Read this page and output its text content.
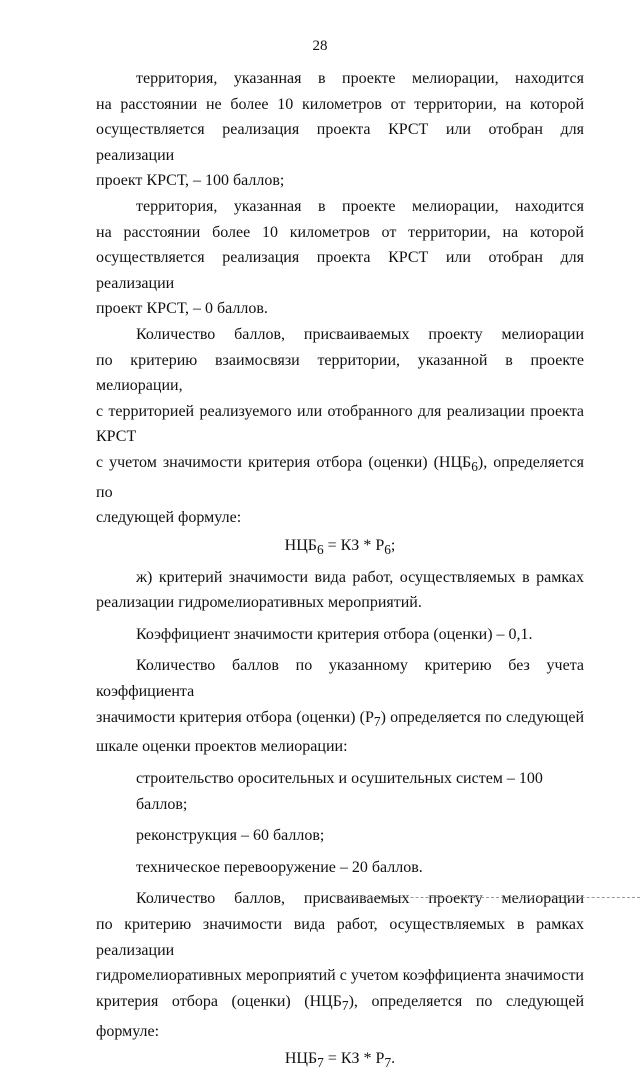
28
территория, указанная в проекте мелиорации, находится
на расстоянии не более 10 километров от территории, на которой
осуществляется реализация проекта КРСТ или отобран для реализации
проект КРСТ, – 100 баллов;
территория, указанная в проекте мелиорации, находится
на расстоянии более 10 километров от территории, на которой
осуществляется реализация проекта КРСТ или отобран для реализации
проект КРСТ, – 0 баллов.
Количество баллов, присваиваемых проекту мелиорации
по критерию взаимосвязи территории, указанной в проекте мелиорации,
с территорией реализуемого или отобранного для реализации проекта КРСТ
с учетом значимости критерия отбора (оценки) $(НЦБ_6)$, определяется по
следующей формуле:
$НЦБ_6$ = КЗ * $Р_6$;
ж) критерий значимости вида работ, осуществляемых в рамках
реализации гидромелиоративных мероприятий.
Коэффициент значимости критерия отбора (оценки) – 0,1.
Количество баллов по указанному критерию без учета коэффициента
значимости критерия отбора (оценки) $(Р_7)$ определяется по следующей
шкале оценки проектов мелиорации:
строительство оросительных и осушительных систем – 100 баллов;
реконструкция – 60 баллов;
техническое перевооружение – 20 баллов.
Количество баллов, присваиваемых проекту мелиорации
по критерию значимости вида работ, осуществляемых в рамках реализации
гидромелиоративных мероприятий с учетом коэффициента значимости
критерия отбора (оценки) $(НЦБ_7)$, определяется по следующей формуле:
$НЦБ_7$ = КЗ * $Р_7$.
